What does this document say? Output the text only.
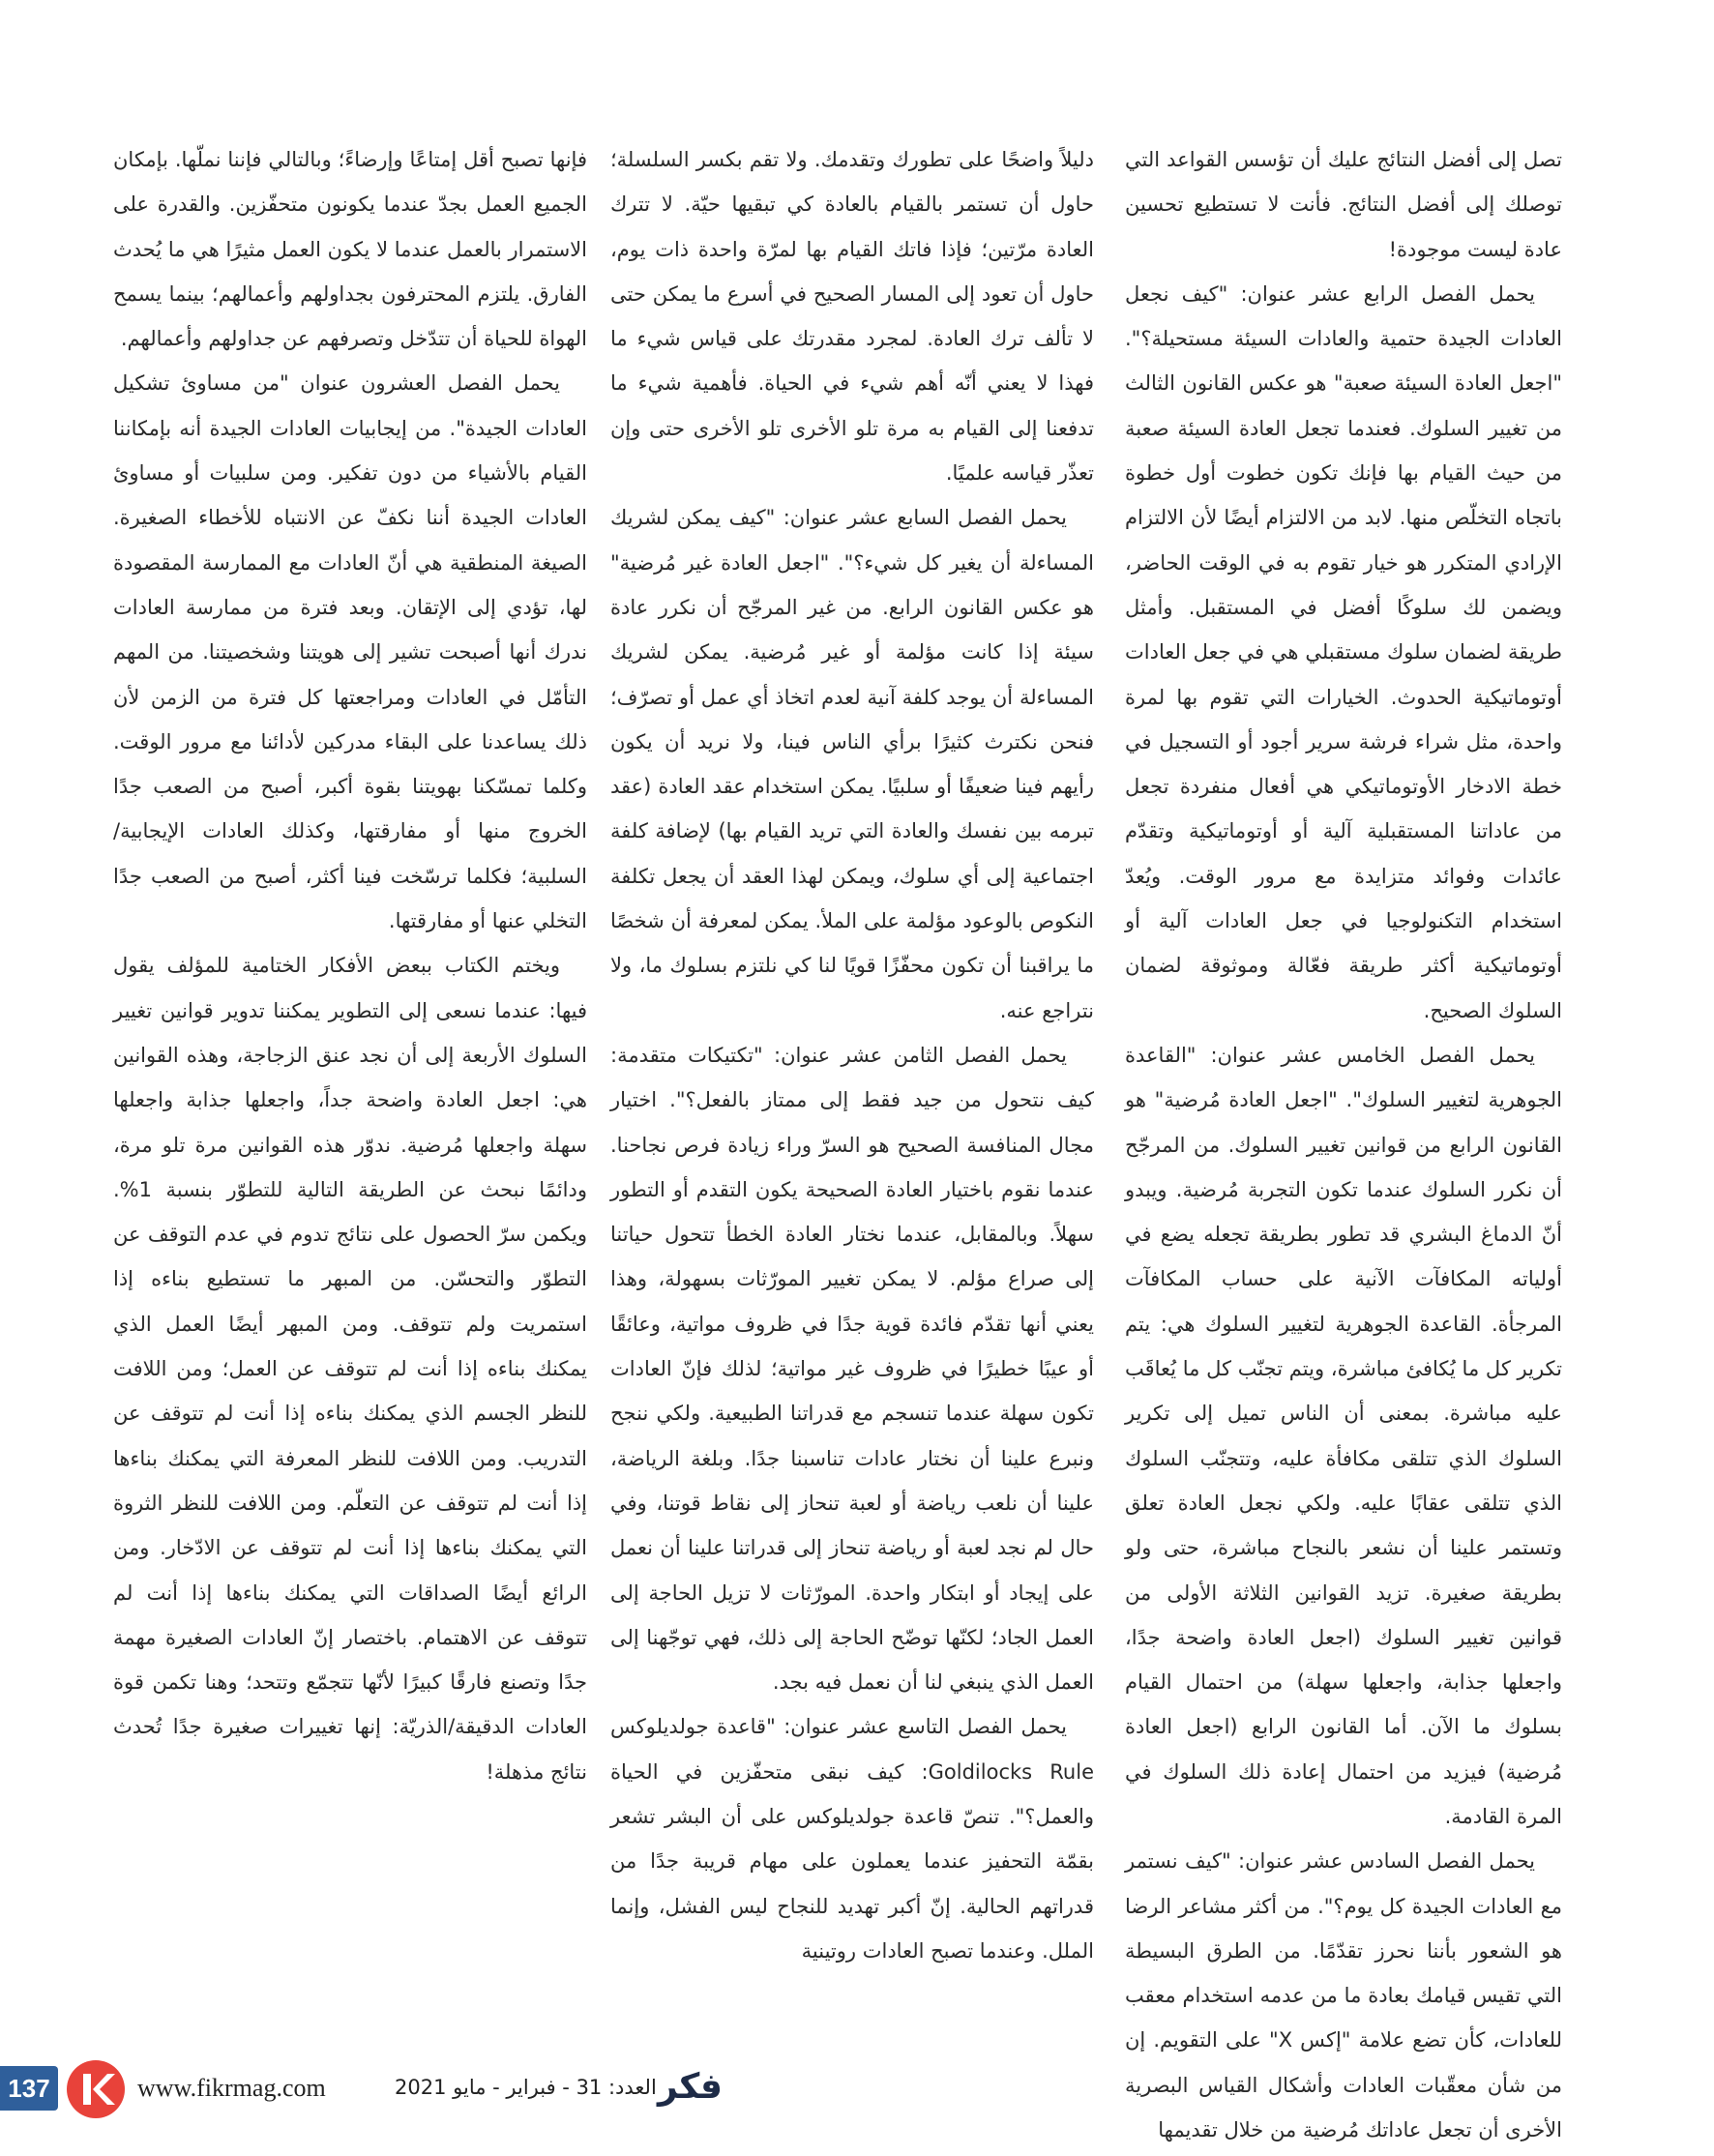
تصل إلى أفضل النتائج عليك أن تؤسس القواعد التي توصلك إلى أفضل النتائج. فأنت لا تستطيع تحسين عادة ليست موجودة!

يحمل الفصل الرابع عشر عنوان: "كيف نجعل العادات الجيدة حتمية والعادات السيئة مستحيلة؟". "اجعل العادة السيئة صعبة" هو عكس القانون الثالث من تغيير السلوك. فعندما تجعل العادة السيئة صعبة من حيث القيام بها فإنك تكون خطوت أول خطوة باتجاه التخلّص منها. لابد من الالتزام أيضًا لأن الالتزام الإرادي المتكرر هو خيار تقوم به في الوقت الحاضر، ويضمن لك سلوكًا أفضل في المستقبل. وأمثل طريقة لضمان سلوك مستقبلي هي في جعل العادات أوتوماتيكية الحدوث. الخيارات التي تقوم بها لمرة واحدة، مثل شراء فرشة سرير أجود أو التسجيل في خطة الادخار الأوتوماتيكي هي أفعال منفردة تجعل من عاداتنا المستقبلية آلية أو أوتوماتيكية وتقدّم عائدات وفوائد متزايدة مع مرور الوقت. ويُعدّ استخدام التكنولوجيا في جعل العادات آلية أو أوتوماتيكية أكثر طريقة فعّالة وموثوقة لضمان السلوك الصحيح.

يحمل الفصل الخامس عشر عنوان: "القاعدة الجوهرية لتغيير السلوك". "اجعل العادة مُرضية" هو القانون الرابع من قوانين تغيير السلوك. من المرجّح أن نكرر السلوك عندما تكون التجربة مُرضية. ويبدو أنّ الدماغ البشري قد تطور بطريقة تجعله يضع في أولياته المكافآت الآنية على حساب المكافآت المرجأة. القاعدة الجوهرية لتغيير السلوك هي: يتم تكرير كل ما يُكافئ مباشرة، ويتم تجنّب كل ما يُعاقَب عليه مباشرة. بمعنى أن الناس تميل إلى تكرير السلوك الذي تتلقى مكافأة عليه، وتتجنّب السلوك الذي تتلقى عقابًا عليه. ولكي نجعل العادة تعلق وتستمر علينا أن نشعر بالنجاح مباشرة، حتى ولو بطريقة صغيرة. تزيد القوانين الثلاثة الأولى من قوانين تغيير السلوك (اجعل العادة واضحة جدًا، واجعلها جذابة، واجعلها سهلة) من احتمال القيام بسلوك ما الآن. أما القانون الرابع (اجعل العادة مُرضية) فيزيد من احتمال إعادة ذلك السلوك في المرة القادمة.

يحمل الفصل السادس عشر عنوان: "كيف نستمر مع العادات الجيدة كل يوم؟". من أكثر مشاعر الرضا هو الشعور بأننا نحرز تقدّمًا. من الطرق البسيطة التي تقيس قيامك بعادة ما من عدمه استخدام معقب للعادات، كأن تضع علامة "إكس X" على التقويم. إن من شأن معقّبات العادات وأشكال القياس البصرية الأخرى أن تجعل عاداتك مُرضية من خلال تقديمها

دليلاً واضحًا على تطورك وتقدمك. ولا تقم بكسر السلسلة؛ حاول أن تستمر بالقيام بالعادة كي تبقيها حيّة. لا تترك العادة مرّتين؛ فإذا فاتك القيام بها لمرّة واحدة ذات يوم، حاول أن تعود إلى المسار الصحيح في أسرع ما يمكن حتى لا تألف ترك العادة. لمجرد مقدرتك على قياس شيء ما فهذا لا يعني أنّه أهم شيء في الحياة. فأهمية شيء ما تدفعنا إلى القيام به مرة تلو الأخرى تلو الأخرى حتى وإن تعذّر قياسه علميًا.

يحمل الفصل السابع عشر عنوان: "كيف يمكن لشريك المساءلة أن يغير كل شيء؟". "اجعل العادة غير مُرضية" هو عكس القانون الرابع. من غير المرجّح أن نكرر عادة سيئة إذا كانت مؤلمة أو غير مُرضية. يمكن لشريك المساءلة أن يوجد كلفة آنية لعدم اتخاذ أي عمل أو تصرّف؛ فنحن نكترث كثيرًا برأي الناس فينا، ولا نريد أن يكون رأيهم فينا ضعيفًا أو سلبيًا. يمكن استخدام عقد العادة (عقد تبرمه بين نفسك والعادة التي تريد القيام بها) لإضافة كلفة اجتماعية إلى أي سلوك، ويمكن لهذا العقد أن يجعل تكلفة النكوص بالوعود مؤلمة على الملأ. يمكن لمعرفة أن شخصًا ما يراقبنا أن تكون محفّزًا قويًا لنا كي نلتزم بسلوك ما، ولا نتراجع عنه.

يحمل الفصل الثامن عشر عنوان: "تكتيكات متقدمة: كيف نتحول من جيد فقط إلى ممتاز بالفعل؟". اختيار مجال المنافسة الصحيح هو السرّ وراء زيادة فرص نجاحنا. عندما نقوم باختيار العادة الصحيحة يكون التقدم أو التطور سهلاً. وبالمقابل، عندما نختار العادة الخطأ تتحول حياتنا إلى صراع مؤلم. لا يمكن تغيير المورّثات بسهولة، وهذا يعني أنها تقدّم فائدة قوية جدًا في ظروف مواتية، وعائقًا أو عيبًا خطيرًا في ظروف غير مواتية؛ لذلك فإنّ العادات تكون سهلة عندما تنسجم مع قدراتنا الطبيعية. ولكي ننجح ونبرع علينا أن نختار عادات تناسبنا جدًا. وبلغة الرياضة، علينا أن نلعب رياضة أو لعبة تنحاز إلى نقاط قوتنا، وفي حال لم نجد لعبة أو رياضة تنحاز إلى قدراتنا علينا أن نعمل على إيجاد أو ابتكار واحدة. المورّثات لا تزيل الحاجة إلى العمل الجاد؛ لكنّها توضّح الحاجة إلى ذلك، فهي توجّهنا إلى العمل الذي ينبغي لنا أن نعمل فيه بجد.

يحمل الفصل التاسع عشر عنوان: "قاعدة جولديلوكس Goldilocks Rule: كيف نبقى متحفّزين في الحياة والعمل؟". تنصّ قاعدة جولديلوكس على أن البشر تشعر بقمّة التحفيز عندما يعملون على مهام قريبة جدًا من قدراتهم الحالية. إنّ أكبر تهديد للنجاح ليس الفشل، وإنما الملل. وعندما تصبح العادات روتينية

فإنها تصبح أقل إمتاعًا وإرضاءً؛ وبالتالي فإننا نملّها. بإمكان الجميع العمل بجدّ عندما يكونون متحفّزين. والقدرة على الاستمرار بالعمل عندما لا يكون العمل مثيرًا هي ما يُحدث الفارق. يلتزم المحترفون بجداولهم وأعمالهم؛ بينما يسمح الهواة للحياة أن تتدّخل وتصرفهم عن جداولهم وأعمالهم.

يحمل الفصل العشرون عنوان "من مساوئ تشكيل العادات الجيدة". من إيجابيات العادات الجيدة أنه بإمكاننا القيام بالأشياء من دون تفكير. ومن سلبيات أو مساوئ العادات الجيدة أننا نكفّ عن الانتباه للأخطاء الصغيرة. الصيغة المنطقية هي أنّ العادات مع الممارسة المقصودة لها، تؤدي إلى الإتقان. وبعد فترة من ممارسة العادات ندرك أنها أصبحت تشير إلى هويتنا وشخصيتنا. من المهم التأمّل في العادات ومراجعتها كل فترة من الزمن لأن ذلك يساعدنا على البقاء مدركين لأدائنا مع مرور الوقت. وكلما تمسّكنا بهويتنا بقوة أكبر، أصبح من الصعب جدًا الخروج منها أو مفارقتها، وكذلك العادات الإيجابية/السلبية؛ فكلما ترسّخت فينا أكثر، أصبح من الصعب جدًا التخلي عنها أو مفارقتها.

ويختم الكتاب ببعض الأفكار الختامية للمؤلف يقول فيها: عندما نسعى إلى التطوير يمكننا تدوير قوانين تغيير السلوك الأربعة إلى أن نجد عنق الزجاجة، وهذه القوانين هي: اجعل العادة واضحة جداً، واجعلها جذابة واجعلها سهلة واجعلها مُرضية. ندوّر هذه القوانين مرة تلو مرة، ودائمًا نبحث عن الطريقة التالية للتطوّر بنسبة 1%. ويكمن سرّ الحصول على نتائج تدوم في عدم التوقف عن التطوّر والتحسّن. من المبهر ما تستطيع بناءه إذا استمريت ولم تتوقف. ومن المبهر أيضًا العمل الذي يمكنك بناءه إذا أنت لم تتوقف عن العمل؛ ومن اللافت للنظر الجسم الذي يمكنك بناءه إذا أنت لم تتوقف عن التدريب. ومن اللافت للنظر المعرفة التي يمكنك بناءها إذا أنت لم تتوقف عن التعلّم. ومن اللافت للنظر الثروة التي يمكنك بناءها إذا أنت لم تتوقف عن الادّخار. ومن الرائع أيضًا الصداقات التي يمكنك بناءها إذا أنت لم تتوقف عن الاهتمام. باختصار إنّ العادات الصغيرة مهمة جدًا وتصنع فارقًا كبيرًا لأنّها تتجمّع وتتحد؛ وهنا تكمن قوة العادات الدقيقة/الذريّة: إنها تغييرات صغيرة جدًا تُحدث نتائج مذهلة!

137	www.fikrmag.com	العدد: 31 - فبراير - مايو 2021 فكر
